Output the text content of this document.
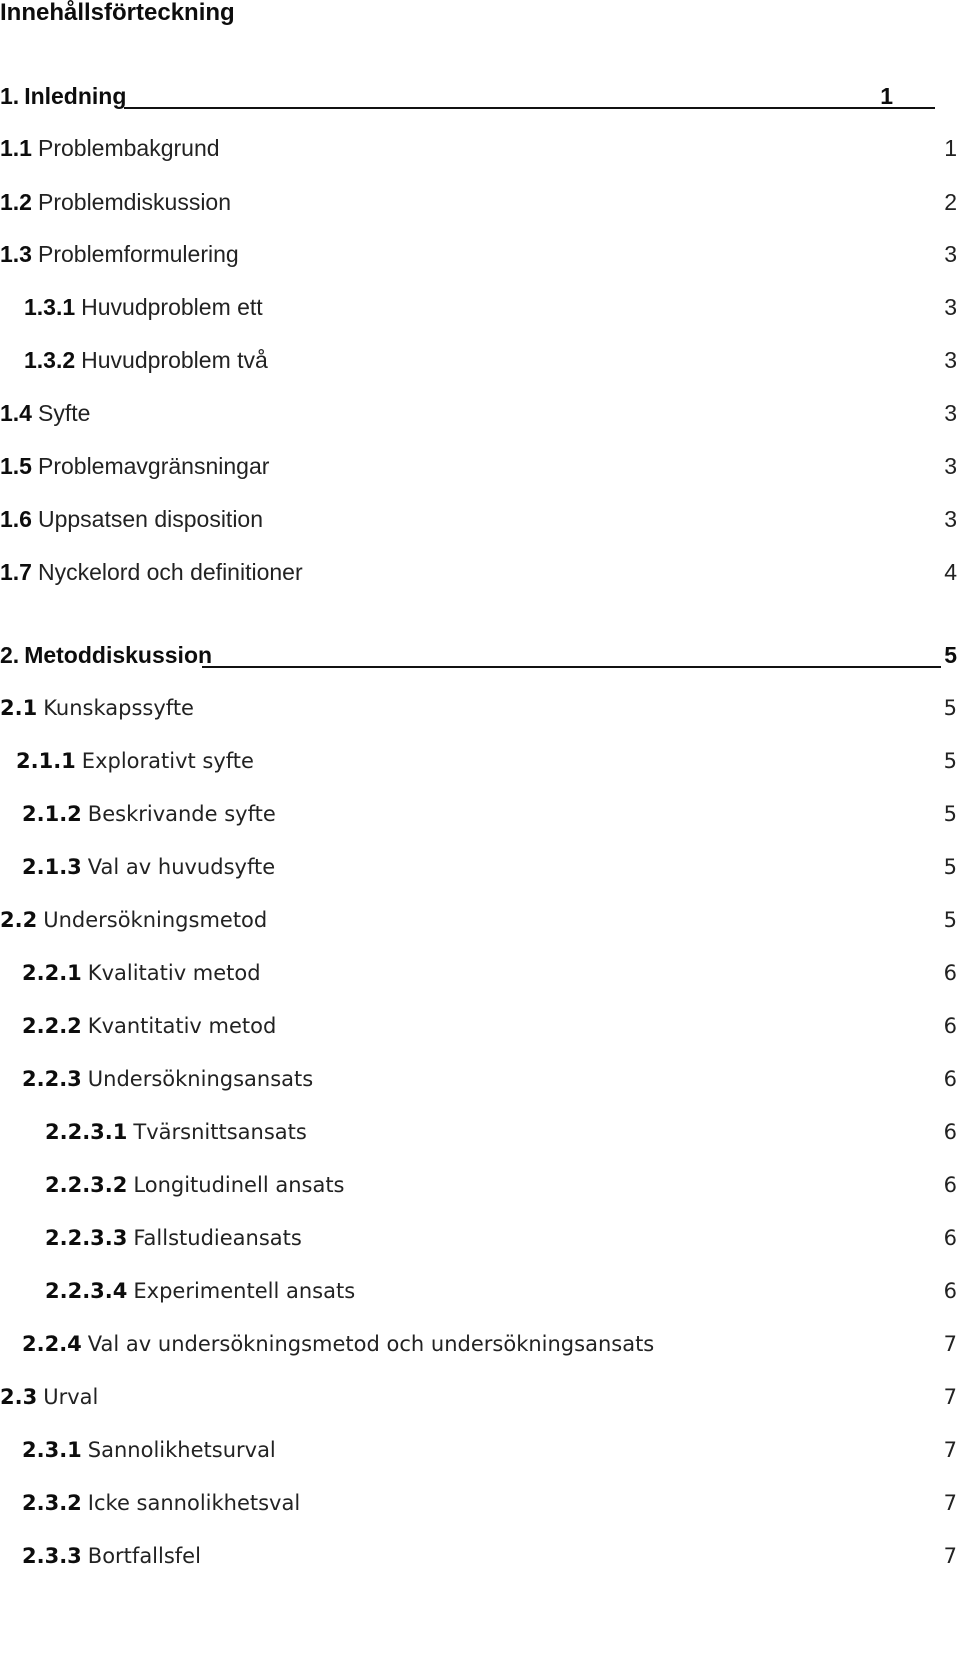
Innehållsförteckning
1. Inledning	1
1.1 Problembakgrund	1
1.2 Problemdiskussion	2
1.3 Problemformulering	3
1.3.1 Huvudproblem ett	3
1.3.2 Huvudproblem två	3
1.4 Syfte	3
1.5 Problemavgränsningar	3
1.6 Uppsatsen disposition	3
1.7 Nyckelord och definitioner	4
2. Metoddiskussion	5
2.1 Kunskapssyfte	5
2.1.1 Explorativt syfte	5
2.1.2 Beskrivande syfte	5
2.1.3 Val av huvudsyfte	5
2.2 Undersökningsmetod	5
2.2.1 Kvalitativ metod	6
2.2.2 Kvantitativ metod	6
2.2.3 Undersökningsansats	6
2.2.3.1 Tvärsnittsansats	6
2.2.3.2 Longitudinell ansats	6
2.2.3.3 Fallstudieansats	6
2.2.3.4 Experimentell ansats	6
2.2.4 Val av undersökningsmetod och undersökningsansats	7
2.3 Urval	7
2.3.1 Sannolikhetsurval	7
2.3.2 Icke sannolikhetsval	7
2.3.3 Bortfallsfel	7
